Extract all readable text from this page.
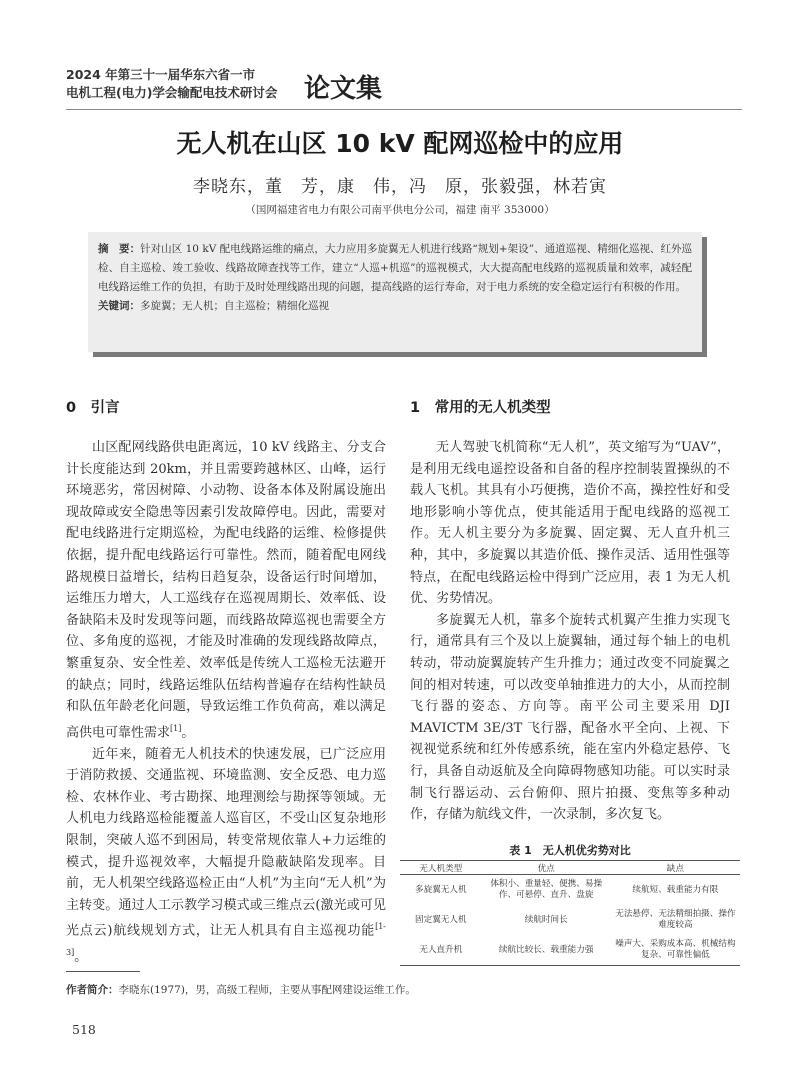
2024 年第三十一届华东六省一市
电机工程(电力)学会输配电技术研讨会 论文集
无人机在山区 10 kV 配网巡检中的应用
李晓东，董　芳，康　伟，冯　原，张毅强，林若寅
（国网福建省电力有限公司南平供电分公司，福建 南平 353000）

摘　要：针对山区 10 kV 配电线路运维的痛点，大力应用多旋翼无人机进行线路“规划+架设”、通道巡视、精细化巡视、红外巡检、自主巡检、竣工验收、线路故障查找等工作，建立“人巡+机巡”的巡视模式，大大提高配电线路的巡视质量和效率，减轻配电线路运维工作的负担，有助于及时处理线路出现的问题，提高线路的运行寿命，对于电力系统的安全稳定运行有积极的作用。

关键词：多旋翼；无人机；自主巡检；精细化巡视

0　引言

山区配网线路供电距离远，10 kV 线路主、分支合计长度能达到 20km，并且需要跨越林区、山峰，运行环境恶劣，常因树障、小动物、设备本体及附属设施出现故障或安全隐患等因素引发故障停电。因此，需要对配电线路进行定期巡检，为配电线路的运维、检修提供依据，提升配电线路运行可靠性。然而，随着配电网线路规模日益增长，结构日趋复杂，设备运行时间增加，运维压力增大，人工巡线存在巡视周期长、效率低、设备缺陷未及时发现等问题，而线路故障巡视也需要全方位、多角度的巡视，才能及时准确的发现线路故障点，繁重复杂、安全性差、效率低是传统人工巡检无法避开的缺点；同时，线路运维队伍结构普遍存在结构性缺员和队伍年龄老化问题，导致运维工作负荷高，难以满足高供电可靠性需求[1]。

近年来，随着无人机技术的快速发展，已广泛应用于消防救援、交通监视、环境监测、安全反恐、电力巡检、农林作业、考古勘探、地理测绘与勘探等领域。无人机电力线路巡检能覆盖人巡盲区，不受山区复杂地形限制，突破人巡不到困局，转变常规依靠人+力运维的模式，提升巡视效率，大幅提升隐蔽缺陷发现率。目前，无人机架空线路巡检正由“人机”为主向“无人机”为主转变。通过人工示教学习模式或三维点云(激光或可见光点云)航线规划方式，让无人机具有自主巡视功能[1-3]。

1　常用的无人机类型

无人驾驶飞机简称“无人机”，英文缩写为“UAV”，是利用无线电遥控设备和自备的程序控制装置操纵的不载人飞机。其具有小巧便携，造价不高，操控性好和受地形影响小等优点，使其能适用于配电线路的巡视工作。无人机主要分为多旋翼、固定翼、无人直升机三种，其中，多旋翼以其造价低、操作灵活、适用性强等特点，在配电线路运检中得到广泛应用，表 1 为无人机优、劣势情况。

多旋翼无人机，靠多个旋转式机翼产生推力实现飞行，通常具有三个及以上旋翼轴，通过每个轴上的电机转动，带动旋翼旋转产生升推力；通过改变不同旋翼之间的相对转速，可以改变单轴推进力的大小，从而控制飞行器的姿态、方向等。南平公司主要采用 DJI MAVICTM 3E/3T 飞行器，配备水平全向、上视、下视视觉系统和红外传感系统，能在室内外稳定悬停、飞行，具备自动返航及全向障碍物感知功能。可以实时录制飞行器运动、云台俯仰、照片拍摄、变焦等多种动作，存储为航线文件，一次录制，多次复飞。

表 1　无人机优劣势对比
无人机类型	优点	缺点
多旋翼无人机	体积小、重量轻、便携、易操作、可悬停、直升、盘旋	续航短、载重能力有限
固定翼无人机	续航时间长	无法悬停、无法精细拍摄、操作难度较高
无人直升机	续航比较长、载重能力强	噪声大、采购成本高、机械结构复杂、可靠性偏低
作者简介：李晓东(1977)，男，高级工程师，主要从事配网建设运维工作。
518
